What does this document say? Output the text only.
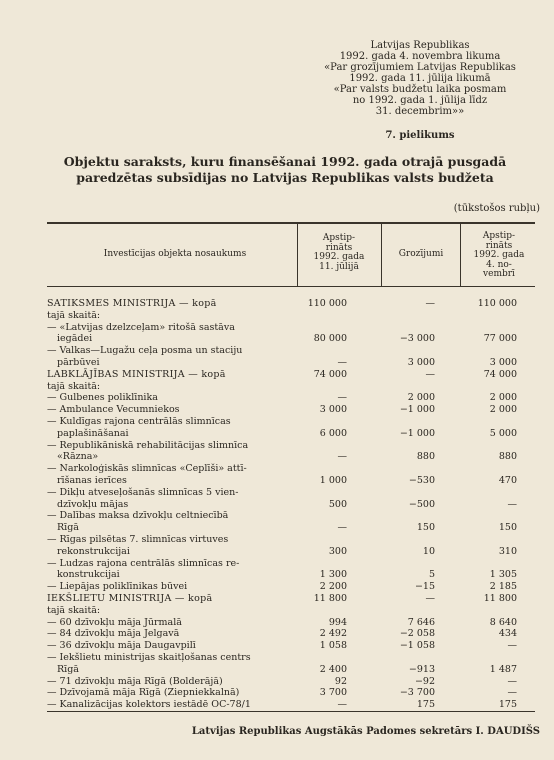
Latvijas Republikas
1992. gada 4. novembra likuma
«Par grozījumiem Latvijas Republikas
1992. gada 11. jūlija likumā
«Par valsts budžetu laika posmam
no 1992. gada 1. jūlija līdz
31. decembrim»»
7. pielikums
Objektu saraksts, kuru finansēšanai 1992. gada otrajā pusgadā
paredzētas subsīdijas no Latvijas Republikas valsts budžeta
(tūkstošos rubļu)
Investīcijas objekta nosaukums
Apstip-
rināts
1992. gada
11. jūlijā
Grozījumi
Apstip-
rināts
1992. gada
4. no-
vembrī
SATIKSMES MINISTRIJA — kopā	110 000	—	110 000
tajā skaitā:
— «Latvijas dzelzceļam» ritošā sastāva
iegādei	80 000	−3 000	77 000
— Valkas—Lugažu ceļa posma un staciju
pārbūvei	—	3 000	3 000
LABKLĀJĪBAS MINISTRIJA — kopā	74 000	—	74 000
tajā skaitā:
— Gulbenes poliklīnika	—	2 000	2 000
— Ambulance Vecumniekos	3 000	−1 000	2 000
— Kuldīgas rajona centrālās slimnīcas
paplašināšanai	6 000	−1 000	5 000
— Republikāniskā rehabilitācijas slimnīca
«Rāzna»	—	880	880
— Narkoloģiskās slimnīcas «Ceplīši» attī-
rīšanas ierīces	1 000	−530	470
— Dikļu atveseļošanās slimnīcas 5 vien-
dzīvokļu mājas	500	−500	—
— Dalības maksa dzīvokļu celtniecībā
Rīgā	—	150	150
— Rīgas pilsētas 7. slimnīcas virtuves
rekonstrukcijai	300	10	310
— Ludzas rajona centrālās slimnīcas re-
konstrukcijai	1 300	5	1 305
— Liepājas poliklīnikas būvei	2 200	−15	2 185
IEKŠLIETU MINISTRIJA — kopā	11 800	—	11 800
tajā skaitā:
— 60 dzīvokļu māja Jūrmalā	994	7 646	8 640
— 84 dzīvokļu māja Jelgavā	2 492	−2 058	434
— 36 dzīvokļu māja Daugavpilī	1 058	−1 058	—
— Iekšlietu ministrijas skaitļošanas centrs
Rīgā	2 400	−913	1 487
— 71 dzīvokļu māja Rīgā (Bolderājā)	92	−92	—
— Dzīvojamā māja Rīgā (Ziepniekkalnā)	3 700	−3 700	—
— Kanalizācijas kolektors iestādē OC-78/1	—	175	175
Latvijas Republikas Augstākās Padomes sekretārs I. DAUDIŠS
